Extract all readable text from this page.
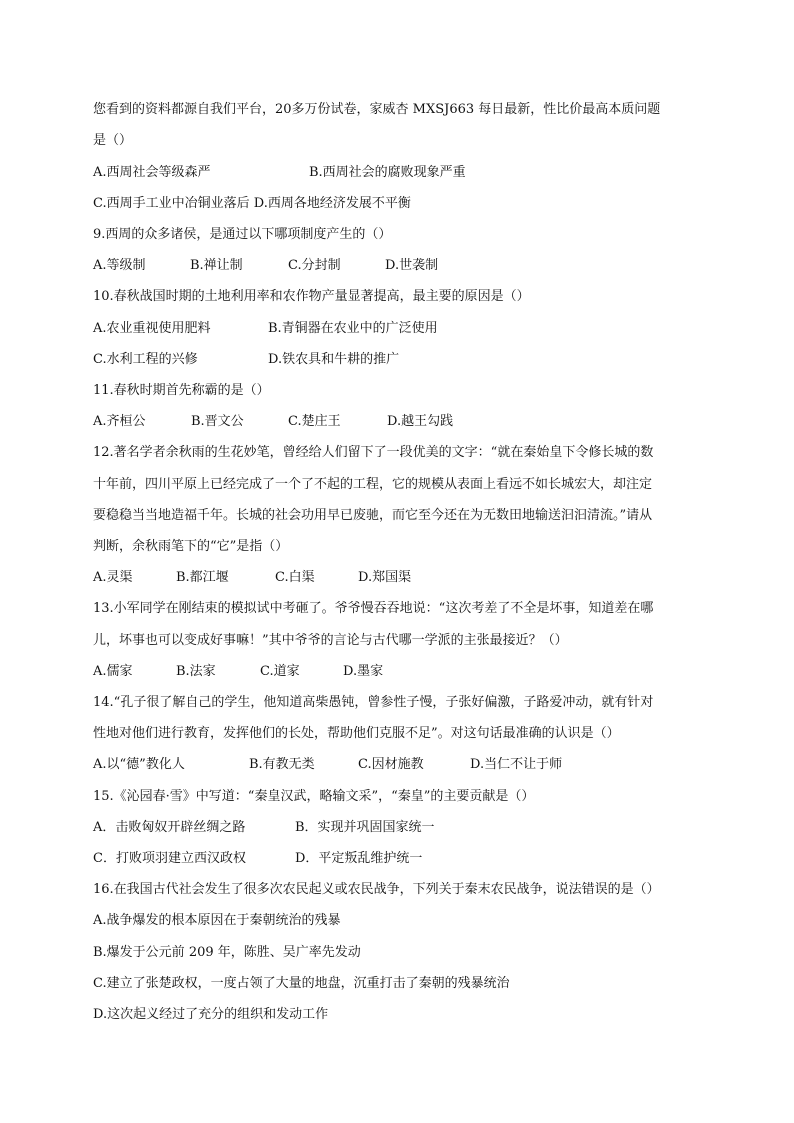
您看到的资料都源自我们平台，20多万份试卷，家威杏 MXSJ663 每日最新，性比价最高本质问题
是（）
A.西周社会等级森严	B.西周社会的腐败现象严重
C.西周手工业中冶铜业落后 D.西周各地经济发展不平衡
9.西周的众多诸侯，是通过以下哪项制度产生的（）
A.等级制	B.禅让制	C.分封制	D.世袭制
10.春秋战国时期的土地利用率和农作物产量显著提高，最主要的原因是（）
A.农业重视使用肥料	B.青铜器在农业中的广泛使用
C.水利工程的兴修	D.铁农具和牛耕的推广
11.春秋时期首先称霸的是（）
A.齐桓公	B.晋文公	C.楚庄王	D.越王勾践
12.著名学者余秋雨的生花妙笔，曾经给人们留下了一段优美的文字：“就在秦始皇下令修长城的数
十年前，四川平原上已经完成了一个了不起的工程，它的规模从表面上看远不如长城宏大，却注定
要稳稳当当地造福千年。长城的社会功用早已废驰，而它至今还在为无数田地输送汩汩清流。”请从
判断，余秋雨笔下的“它”是指（）
A.灵渠	B.都江堰	C.白渠	D.郑国渠
13.小军同学在刚结束的模拟试中考砸了。爷爷慢吞吞地说：“这次考差了不全是坏事，知道差在哪
儿，坏事也可以变成好事嘛！”其中爷爷的言论与古代哪一学派的主张最接近？（）
A.儒家	B.法家	C.道家	D.墨家
14.“孔子很了解自己的学生，他知道高柴愚钝，曾参性子慢，子张好偏激，子路爱冲动，就有针对
性地对他们进行教育，发挥他们的长处，帮助他们克服不足”。对这句话最准确的认识是（）
A.以“德”教化人	B.有教无类	C.因材施教	D.当仁不让于师
15.《沁园春·雪》中写道：“秦皇汉武，略输文采”，“秦皇”的主要贡献是（）
A．击败匈奴开辟丝绸之路	B．实现并巩固国家统一
C．打败项羽建立西汉政权	D．平定叛乱维护统一
16.在我国古代社会发生了很多次农民起义或农民战争，下列关于秦末农民战争，说法错误的是（）
A.战争爆发的根本原因在于秦朝统治的残暴
B.爆发于公元前 209 年，陈胜、吴广率先发动
C.建立了张楚政权，一度占领了大量的地盘，沉重打击了秦朝的残暴统治
D.这次起义经过了充分的组织和发动工作
